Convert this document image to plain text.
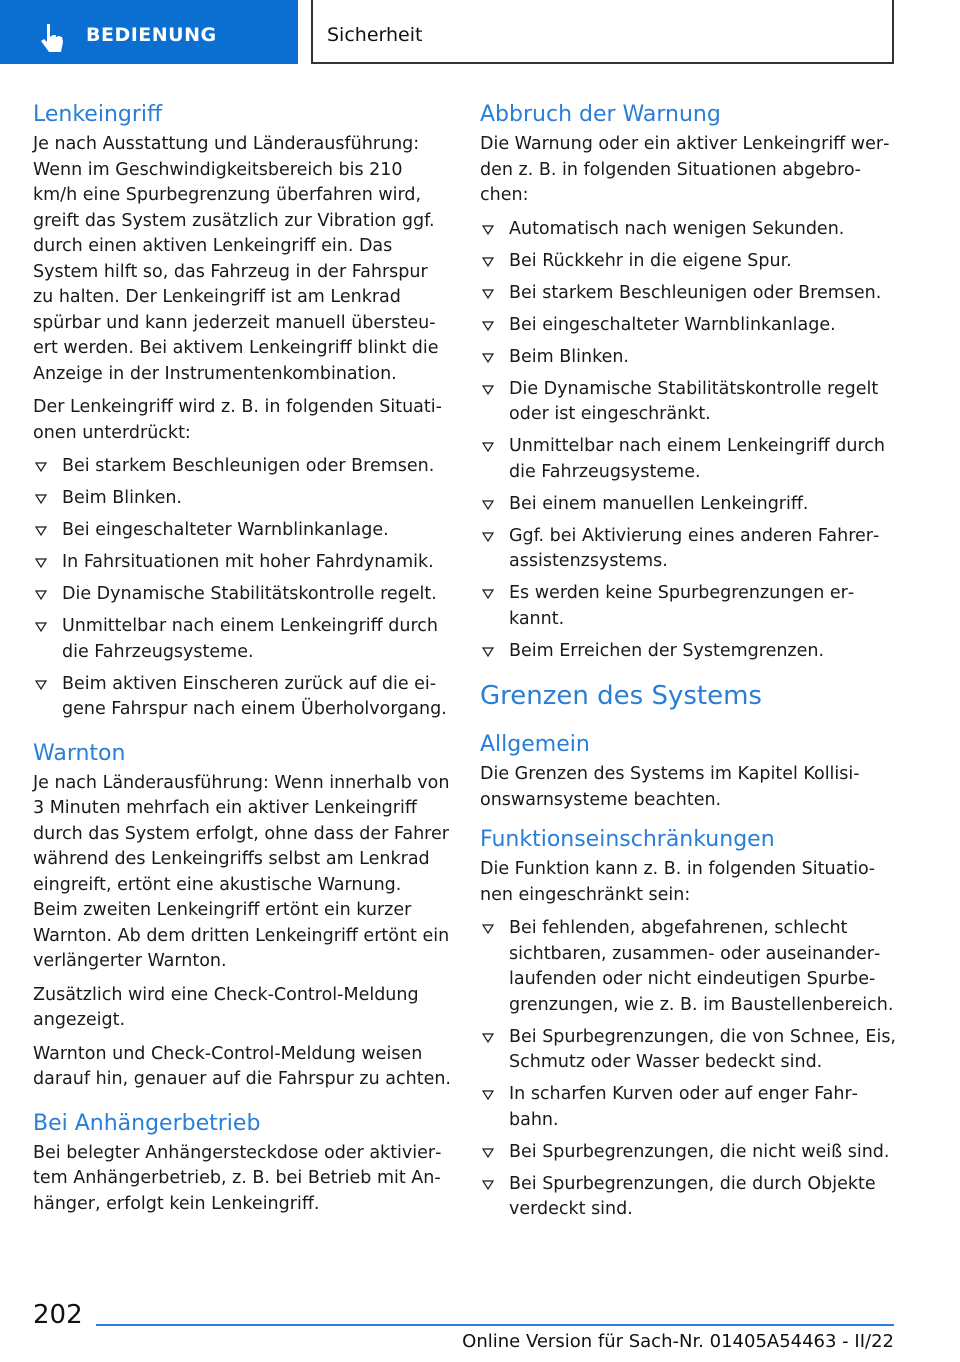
BEDIENUNG	Sicherheit
Lenkeingriff

Je nach Ausstattung und Länderausführung: Wenn im Geschwindigkeitsbereich bis 210 km/h eine Spurbegrenzung überfahren wird, greift das System zusätzlich zur Vibration ggf. durch einen aktiven Lenkeingriff ein. Das System hilft so, das Fahrzeug in der Fahrspur zu halten. Der Lenkeingriff ist am Lenkrad spürbar und kann jederzeit manuell übersteuert werden. Bei aktivem Lenkeingriff blinkt die Anzeige in der Instrumentenkombination.

Der Lenkeingriff wird z. B. in folgenden Situationen unterdrückt:

Bei starkem Beschleunigen oder Bremsen.
Beim Blinken.
Bei eingeschalteter Warnblinkanlage.
In Fahrsituationen mit hoher Fahrdynamik.
Die Dynamische Stabilitätskontrolle regelt.
Unmittelbar nach einem Lenkeingriff durch die Fahrzeugsysteme.
Beim aktiven Einscheren zurück auf die eigene Fahrspur nach einem Überholvorgang.
Warnton

Je nach Länderausführung: Wenn innerhalb von 3 Minuten mehrfach ein aktiver Lenkeingriff durch das System erfolgt, ohne dass der Fahrer während des Lenkeingriffs selbst am Lenkrad eingreift, ertönt eine akustische Warnung. Beim zweiten Lenkeingriff ertönt ein kurzer Warnton. Ab dem dritten Lenkeingriff ertönt ein verlängerter Warnton.

Zusätzlich wird eine Check-Control-Meldung angezeigt.

Warnton und Check-Control-Meldung weisen darauf hin, genauer auf die Fahrspur zu achten.

Bei Anhängerbetrieb

Bei belegter Anhängersteckdose oder aktiviertem Anhängerbetrieb, z. B. bei Betrieb mit Anhänger, erfolgt kein Lenkeingriff.

Abbruch der Warnung

Die Warnung oder ein aktiver Lenkeingriff werden z. B. in folgenden Situationen abgebrochen:

Automatisch nach wenigen Sekunden.
Bei Rückkehr in die eigene Spur.
Bei starkem Beschleunigen oder Bremsen.
Bei eingeschalteter Warnblinkanlage.
Beim Blinken.
Die Dynamische Stabilitätskontrolle regelt oder ist eingeschränkt.
Unmittelbar nach einem Lenkeingriff durch die Fahrzeugsysteme.
Bei einem manuellen Lenkeingriff.
Ggf. bei Aktivierung eines anderen Fahrerassistenzsystems.
Es werden keine Spurbegrenzungen erkannt.
Beim Erreichen der Systemgrenzen.
Grenzen des Systems
Allgemein

Die Grenzen des Systems im Kapitel Kollisionswarnsysteme beachten.

Funktionseinschränkungen

Die Funktion kann z. B. in folgenden Situationen eingeschränkt sein:

Bei fehlenden, abgefahrenen, schlecht sichtbaren, zusammen- oder auseinanderlaufenden oder nicht eindeutigen Spurbegrenzungen, wie z. B. im Baustellenbereich.
Bei Spurbegrenzungen, die von Schnee, Eis, Schmutz oder Wasser bedeckt sind.
In scharfen Kurven oder auf enger Fahrbahn.
Bei Spurbegrenzungen, die nicht weiß sind.
Bei Spurbegrenzungen, die durch Objekte verdeckt sind.
202
Online Version für Sach-Nr. 01405A54463 - II/22
